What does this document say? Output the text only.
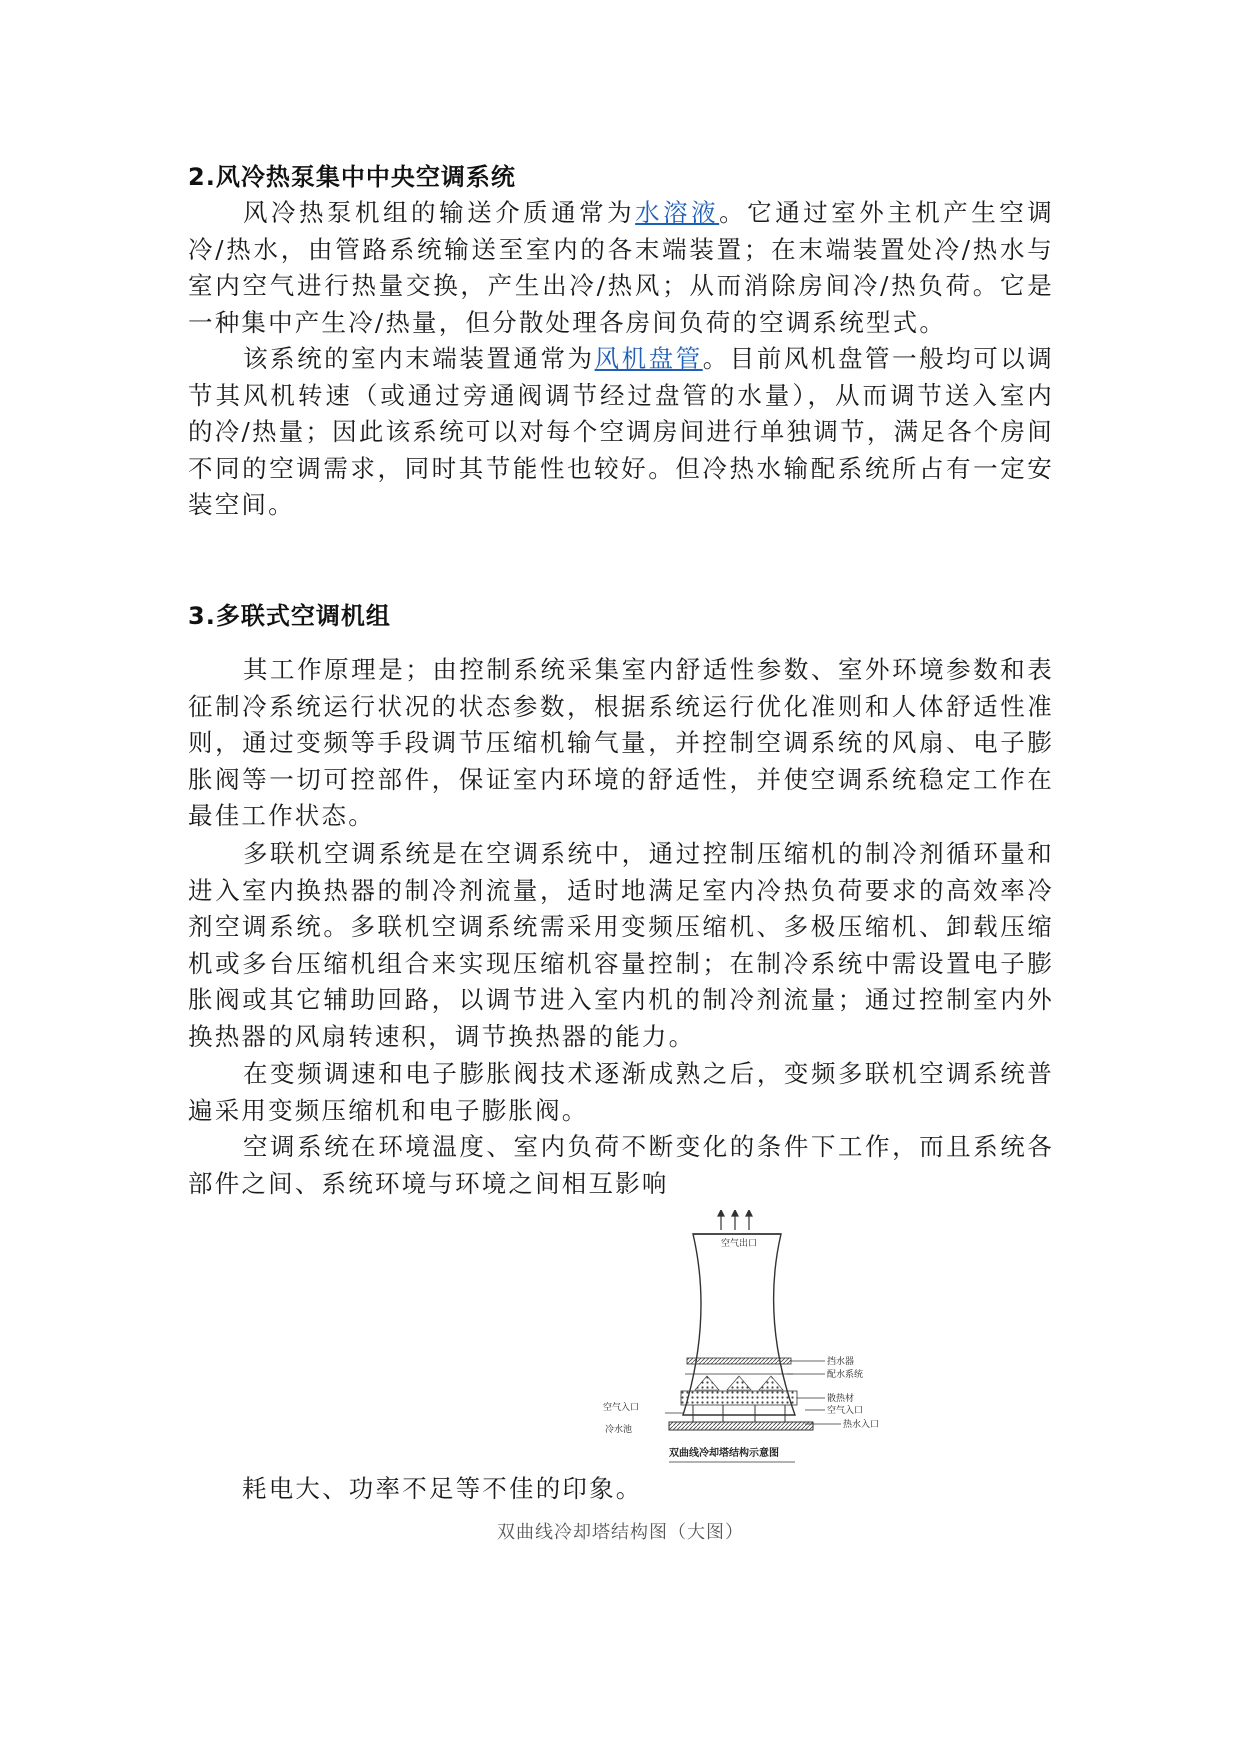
2.风冷热泵集中中央空调系统

风冷热泵机组的输送介质通常为水溶液。它通过室外主机产生空调冷/热水，由管路系统输送至室内的各末端装置；在末端装置处冷/热水与室内空气进行热量交换，产生出冷/热风；从而消除房间冷/热负荷。它是一种集中产生冷/热量，但分散处理各房间负荷的空调系统型式。

该系统的室内末端装置通常为风机盘管。目前风机盘管一般均可以调节其风机转速（或通过旁通阀调节经过盘管的水量），从而调节送入室内的冷/热量；因此该系统可以对每个空调房间进行单独调节，满足各个房间不同的空调需求，同时其节能性也较好。但冷热水输配系统所占有一定安装空间。

3.多联式空调机组

其工作原理是；由控制系统采集室内舒适性参数、室外环境参数和表征制冷系统运行状况的状态参数，根据系统运行优化准则和人体舒适性准则，通过变频等手段调节压缩机输气量，并控制空调系统的风扇、电子膨胀阀等一切可控部件，保证室内环境的舒适性，并使空调系统稳定工作在最佳工作状态。

多联机空调系统是在空调系统中，通过控制压缩机的制冷剂循环量和进入室内换热器的制冷剂流量，适时地满足室内冷热负荷要求的高效率冷剂空调系统。多联机空调系统需采用变频压缩机、多极压缩机、卸载压缩机或多台压缩机组合来实现压缩机容量控制；在制冷系统中需设置电子膨胀阀或其它辅助回路，以调节进入室内机的制冷剂流量；通过控制室内外换热器的风扇转速积，调节换热器的能力。

在变频调速和电子膨胀阀技术逐渐成熟之后，变频多联机空调系统普遍采用变频压缩机和电子膨胀阀。

空调系统在环境温度、室内负荷不断变化的条件下工作，而且系统各部件之间、系统环境与环境之间相互影响

耗电大、功率不足等不佳的印象。
空气出口
挡水器
配水系统
散热材
空气入口
热水入口
空气入口
冷水池
双曲线冷却塔结构示意图
双曲线冷却塔结构图（大图）
